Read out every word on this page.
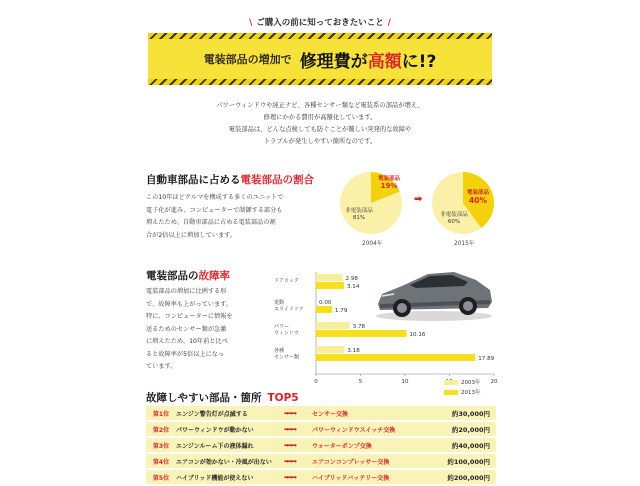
\ ご購入の前に知っておきたいこと /
電装部品の増加で 修理費が高額に!?

パワーウィンドウや純正ナビ、各種センサー類など電装系の部品が増え、

修理にかかる費用が高額化しています。

電装部品は、どんな点検しても防ぐことが難しい突発的な故障や

トラブルが発生しやすい箇所なのです。

自動車部品に占める電装部品の割合
この10年ほどクルマを構成する多くのユニットで
電子化が進み、コンピューターで制御する部分も
増えたため、自動車部品に占める電装部品の割
合が2倍以上に増加しています。
電装部品
19%
非電装部品
81%
2004年
➡
電装部品
40%
非電装部品
60%
2015年
電装部品の故障率
電装部品の増加に比例する形
で、故障率も上がっています。
特に、コンピューターに情報を
送るためのセンサー類が急激
に増えたため、10年前と比べ
ると故障率が5倍以上になっ
ています。
0	5	10	20
ドアロック	2.98
3.14
電動
スライドドア
0.00
1.79
パワー
ウィンドウ
3.78
10.16
各種
センサー類
3.18
17.89
2003年
2013年
故障しやすい部品・箇所 TOP5
第1位	エンジン警告灯が点滅する	➡➡➡	センサー交換	約30,000円
第2位	パワーウィンドウが動かない	➡➡➡	パワーウィンドウスイッチ交換	約20,000円
第3位	エンジンルーム下の液体漏れ	➡➡➡	ウォーターポンプ交換	約40,000円
第4位	エアコンが効かない・冷風が出ない	➡➡➡	エアコンコンプレッサー交換	約100,000円
第5位	ハイブリッド機能が使えない	➡➡➡	ハイブリッドバッテリー交換	約200,000円
